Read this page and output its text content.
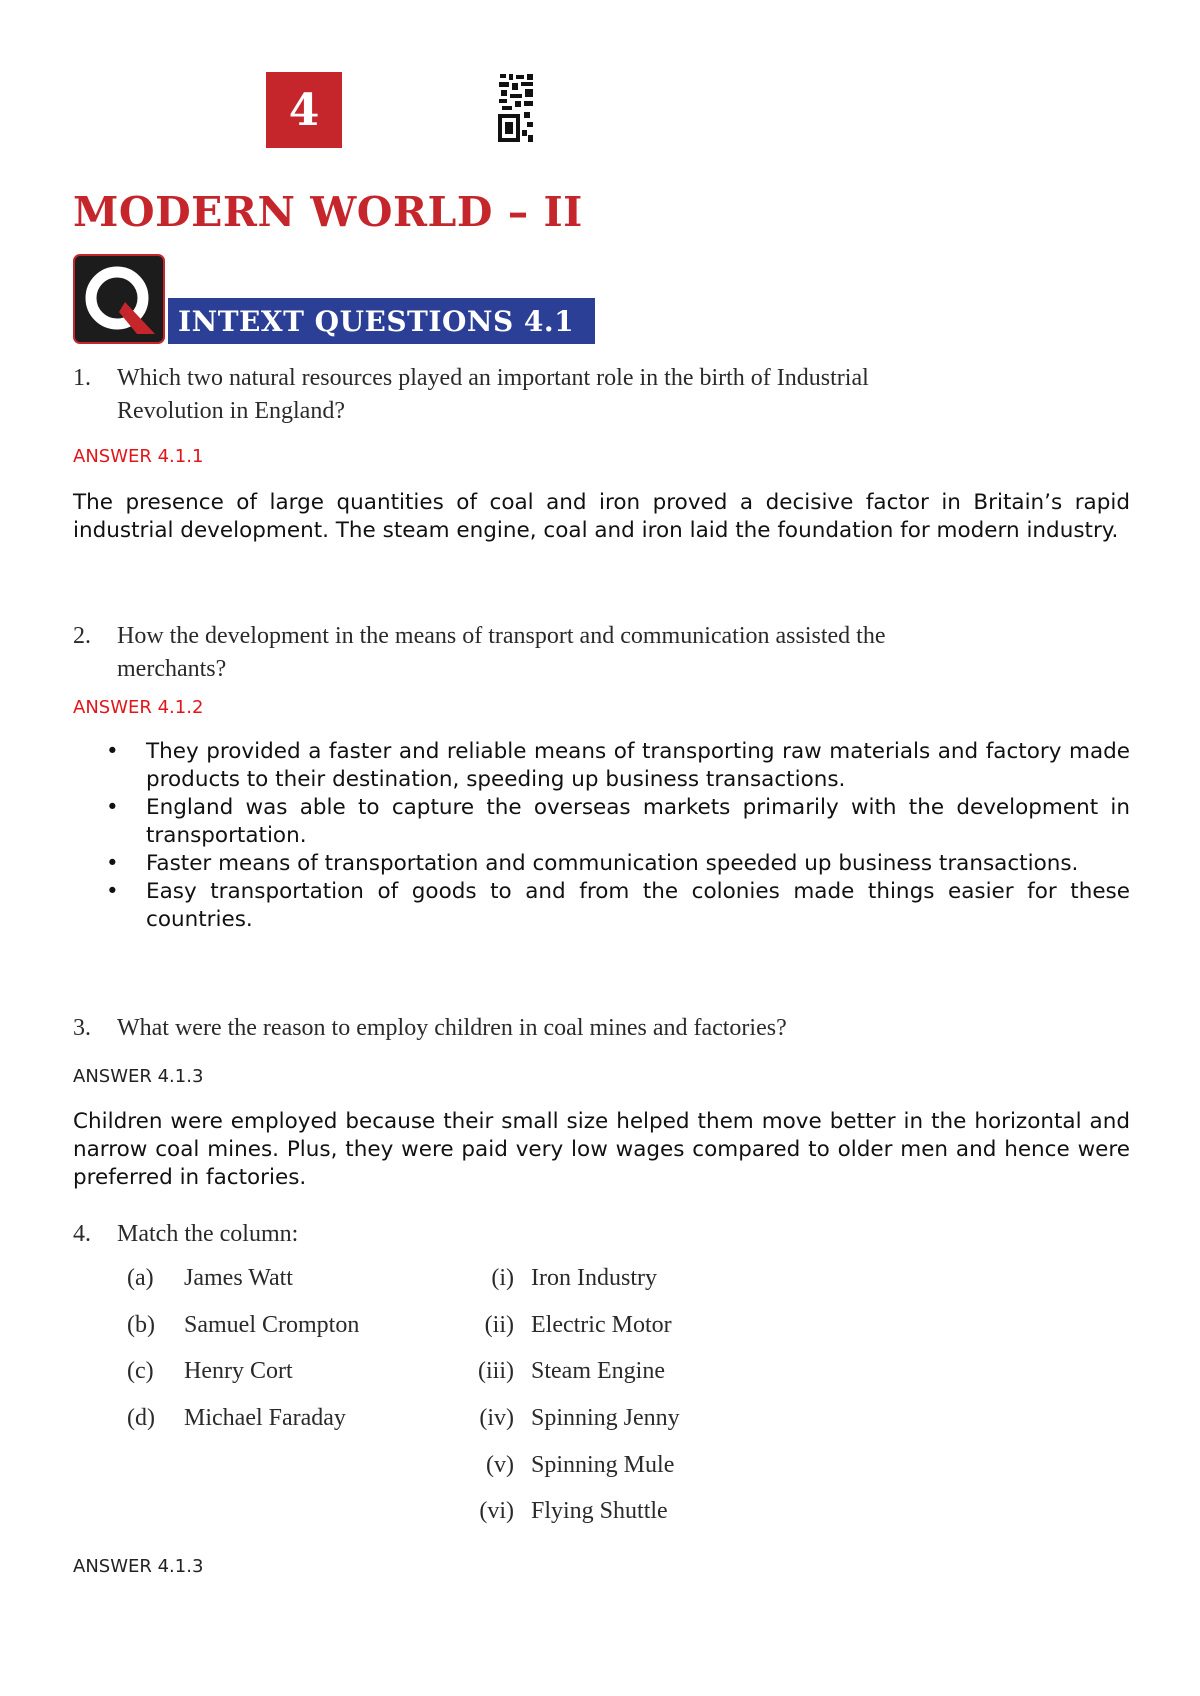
4
MODERN WORLD – II
INTEXT QUESTIONS 4.1
1.	Which two natural resources played an important role in the birth of Industrial Revolution in England?
ANSWER 4.1.1

The presence of large quantities of coal and iron proved a decisive factor in Britain’s rapid industrial development. The steam engine, coal and iron laid the foundation for modern industry.

2.	How the development in the means of transport and communication assisted the merchants?
ANSWER 4.1.2
• They provided a faster and reliable means of transporting raw materials and factory made products to their destination, speeding up business transactions.
• England was able to capture the overseas markets primarily with the development in transportation.
• Faster means of transportation and communication speeded up business transactions.
• Easy transportation of goods to and from the colonies made things easier for these countries.
3.	What were the reason to employ children in coal mines and factories?
ANSWER 4.1.3

Children were employed because their small size helped them move better in the horizontal and narrow coal mines. Plus, they were paid very low wages compared to older men and hence were preferred in factories.

4.	Match the column:
(a) James Watt	(i) Iron Industry
(b) Samuel Crompton	(ii) Electric Motor
(c) Henry Cort	(iii) Steam Engine
(d) Michael Faraday	(iv) Spinning Jenny
(v) Spinning Mule
(vi) Flying Shuttle
ANSWER 4.1.3
